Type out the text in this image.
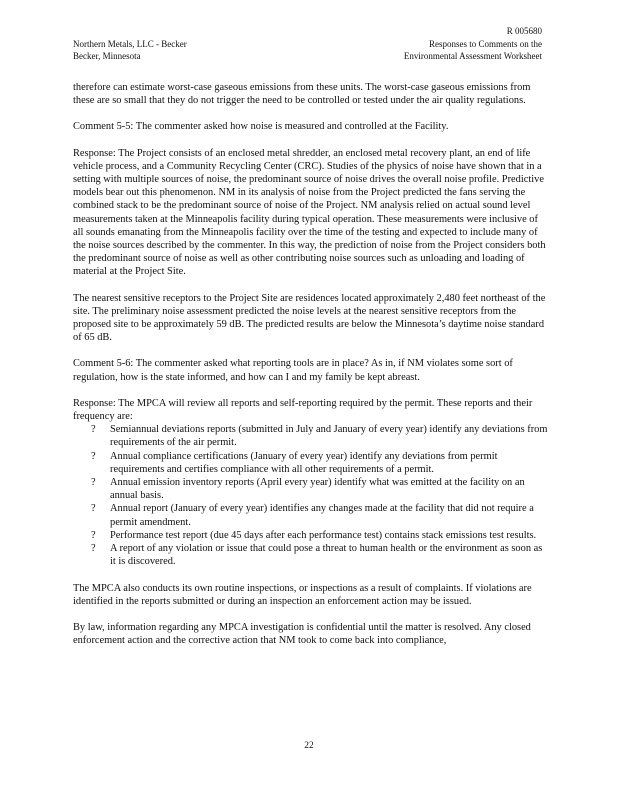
R 005680
Northern Metals, LLC - Becker
Becker, Minnesota
Responses to Comments on the
Environmental Assessment Worksheet

therefore can estimate worst-case gaseous emissions from these units. The worst-case gaseous emissions from these are so small that they do not trigger the need to be controlled or tested under the air quality regulations.

Comment 5-5: The commenter asked how noise is measured and controlled at the Facility.

Response: The Project consists of an enclosed metal shredder, an enclosed metal recovery plant, an end of life vehicle process, and a Community Recycling Center (CRC). Studies of the physics of noise have shown that in a setting with multiple sources of noise, the predominant source of noise drives the overall noise profile. Predictive models bear out this phenomenon. NM in its analysis of noise from the Project predicted the fans serving the combined stack to be the predominant source of noise of the Project. NM analysis relied on actual sound level measurements taken at the Minneapolis facility during typical operation. These measurements were inclusive of all sounds emanating from the Minneapolis facility over the time of the testing and expected to include many of the noise sources described by the commenter. In this way, the prediction of noise from the Project considers both the predominant source of noise as well as other contributing noise sources such as unloading and loading of material at the Project Site.

The nearest sensitive receptors to the Project Site are residences located approximately 2,480 feet northeast of the site. The preliminary noise assessment predicted the noise levels at the nearest sensitive receptors from the proposed site to be approximately 59 dB. The predicted results are below the Minnesota’s daytime noise standard of 65 dB.

Comment 5-6: The commenter asked what reporting tools are in place? As in, if NM violates some sort of regulation, how is the state informed, and how can I and my family be kept abreast.

Response: The MPCA will review all reports and self-reporting required by the permit. These reports and their frequency are:

? Semiannual deviations reports (submitted in July and January of every year) identify any deviations from requirements of the air permit.
? Annual compliance certifications (January of every year) identify any deviations from permit requirements and certifies compliance with all other requirements of a permit.
? Annual emission inventory reports (April every year) identify what was emitted at the facility on an annual basis.
? Annual report (January of every year) identifies any changes made at the facility that did not require a permit amendment.
? Performance test report (due 45 days after each performance test) contains stack emissions test results.
? A report of any violation or issue that could pose a threat to human health or the environment as soon as it is discovered.

The MPCA also conducts its own routine inspections, or inspections as a result of complaints. If violations are identified in the reports submitted or during an inspection an enforcement action may be issued.

By law, information regarding any MPCA investigation is confidential until the matter is resolved. Any closed enforcement action and the corrective action that NM took to come back into compliance,

22
